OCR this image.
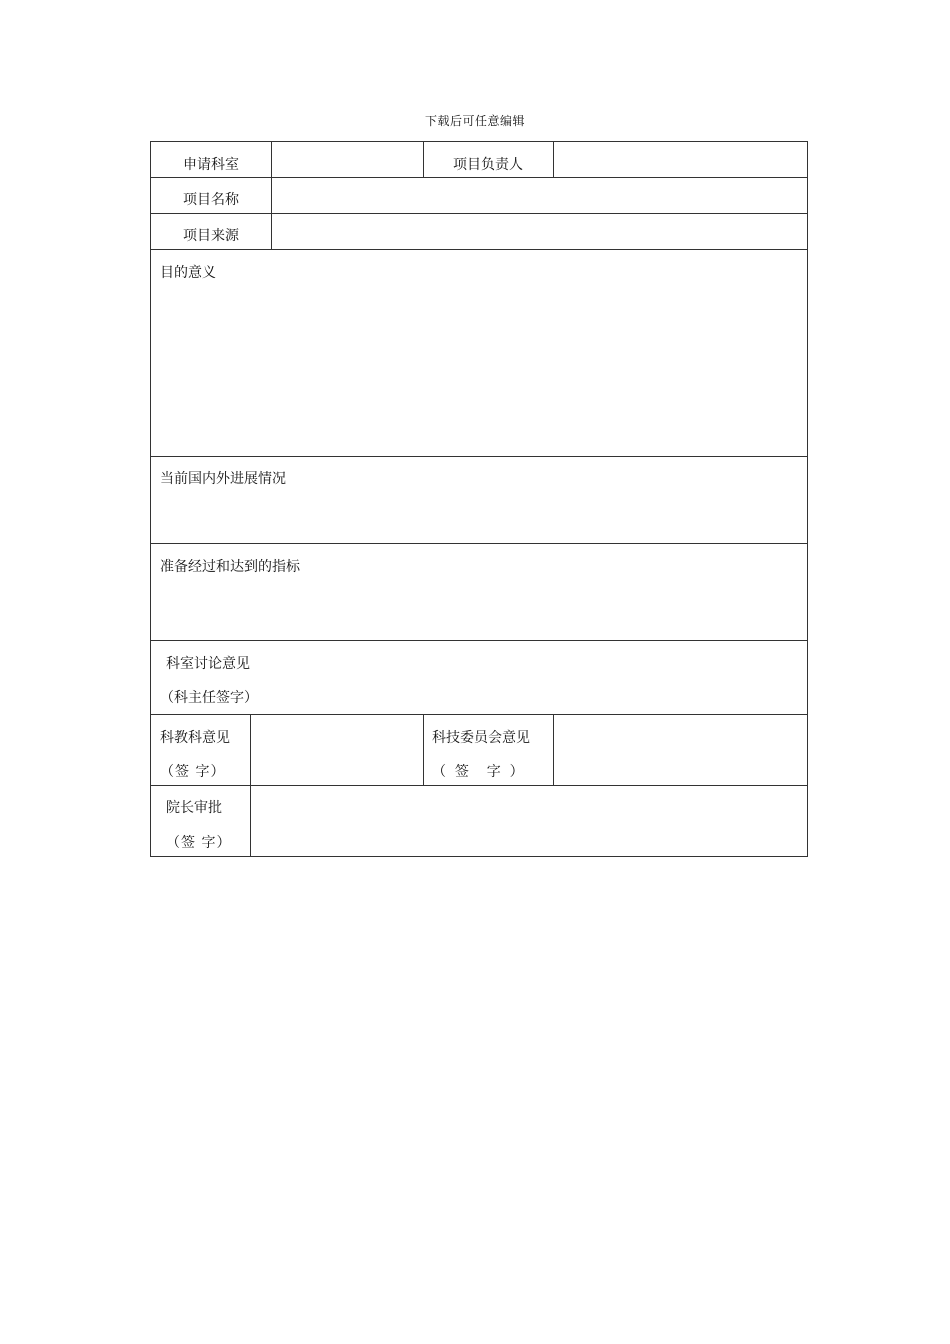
下载后可任意编辑
申请科室	项目负责人
项目名称
项目来源
目的意义
当前国内外进展情况
准备经过和达到的指标
科室讨论意见
（科主任签字）
科教科意见
（签 字）
科技委员会意见
（  签    字  ）
院长审批
（签 字）
